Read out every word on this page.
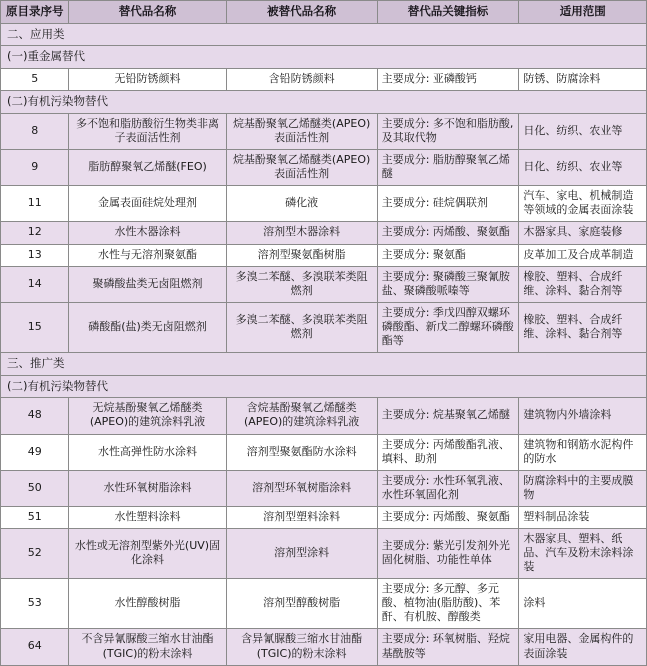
原目录序号	替代品名称	被替代品名称	替代品关键指标	适用范围
二、应用类				
(一)重金属替代				
5	无铅防锈颜料	含铅防锈颜料	主要成分: 亚磷酸钙	防锈、防腐涂料
(二)有机污染物替代				
8	多不饱和脂肪酸衍生物类非离子表面活性剂	烷基酚聚氧乙烯醚类(APEO)表面活性剂	主要成分: 多不饱和脂肪酸, 及其取代物	日化、纺织、农业等
9	脂肪醇聚氧乙烯醚(FEO)	烷基酚聚氧乙烯醚类(APEO)表面活性剂	主要成分: 脂肪醇聚氧乙烯醚	日化、纺织、农业等
11	金属表面硅烷处理剂	磷化液	主要成分: 硅烷偶联剂	汽车、家电、机械制造等领域的金属表面涂装
12	水性木器涂料	溶剂型木器涂料	主要成分: 丙烯酸、聚氨酯	木器家具、家庭装修
13	水性与无溶剂聚氨酯	溶剂型聚氨酯树脂	主要成分: 聚氨酯	皮革加工及合成革制造
14	聚磷酸盐类无卤阻燃剂	多溴二苯醚、多溴联苯类阻燃剂	主要成分: 聚磷酸三聚氰胺盐、聚磷酸哌嗪等	橡胶、塑料、合成纤维、涂料、黏合剂等
15	磷酸酯(盐)类无卤阻燃剂	多溴二苯醚、多溴联苯类阻燃剂	主要成分: 季戊四醇双螺环磷酸酯、新戊二醇螺环磷酸酯等	橡胶、塑料、合成纤维、涂料、黏合剂等
三、推广类				
(二)有机污染物替代				
48	无烷基酚聚氧乙烯醚类(APEO)的建筑涂料乳液	含烷基酚聚氧乙烯醚类(APEO)的建筑涂料乳液	主要成分: 烷基聚氧乙烯醚	建筑物内外墙涂料
49	水性高弹性防水涂料	溶剂型聚氨酯防水涂料	主要成分: 丙烯酸酯乳液、填料、助剂	建筑物和钢筋水泥构件的防水
50	水性环氧树脂涂料	溶剂型环氧树脂涂料	主要成分: 水性环氧乳液、水性环氧固化剂	防腐涂料中的主要成膜物
51	水性塑料涂料	溶剂型塑料涂料	主要成分: 丙烯酸、聚氨酯	塑料制品涂装
52	水性或无溶剂型紫外光(UV)固化涂料	溶剂型涂料	主要成分: 紫光引发剂外光固化树脂、功能性单体	木器家具、塑料、纸品、汽车及粉末涂料涂装
53	水性醇酸树脂	溶剂型醇酸树脂	主要成分: 多元醇、多元酸、植物油(脂肪酸)、苯酐、有机胺、醇酸类	涂料
64	不含异氰脲酸三缩水甘油酯(TGIC)的粉末涂料	含异氰脲酸三缩水甘油酯(TGIC)的粉末涂料	主要成分: 环氧树脂、羟烷基酰胺等	家用电器、金属构件的表面涂装
